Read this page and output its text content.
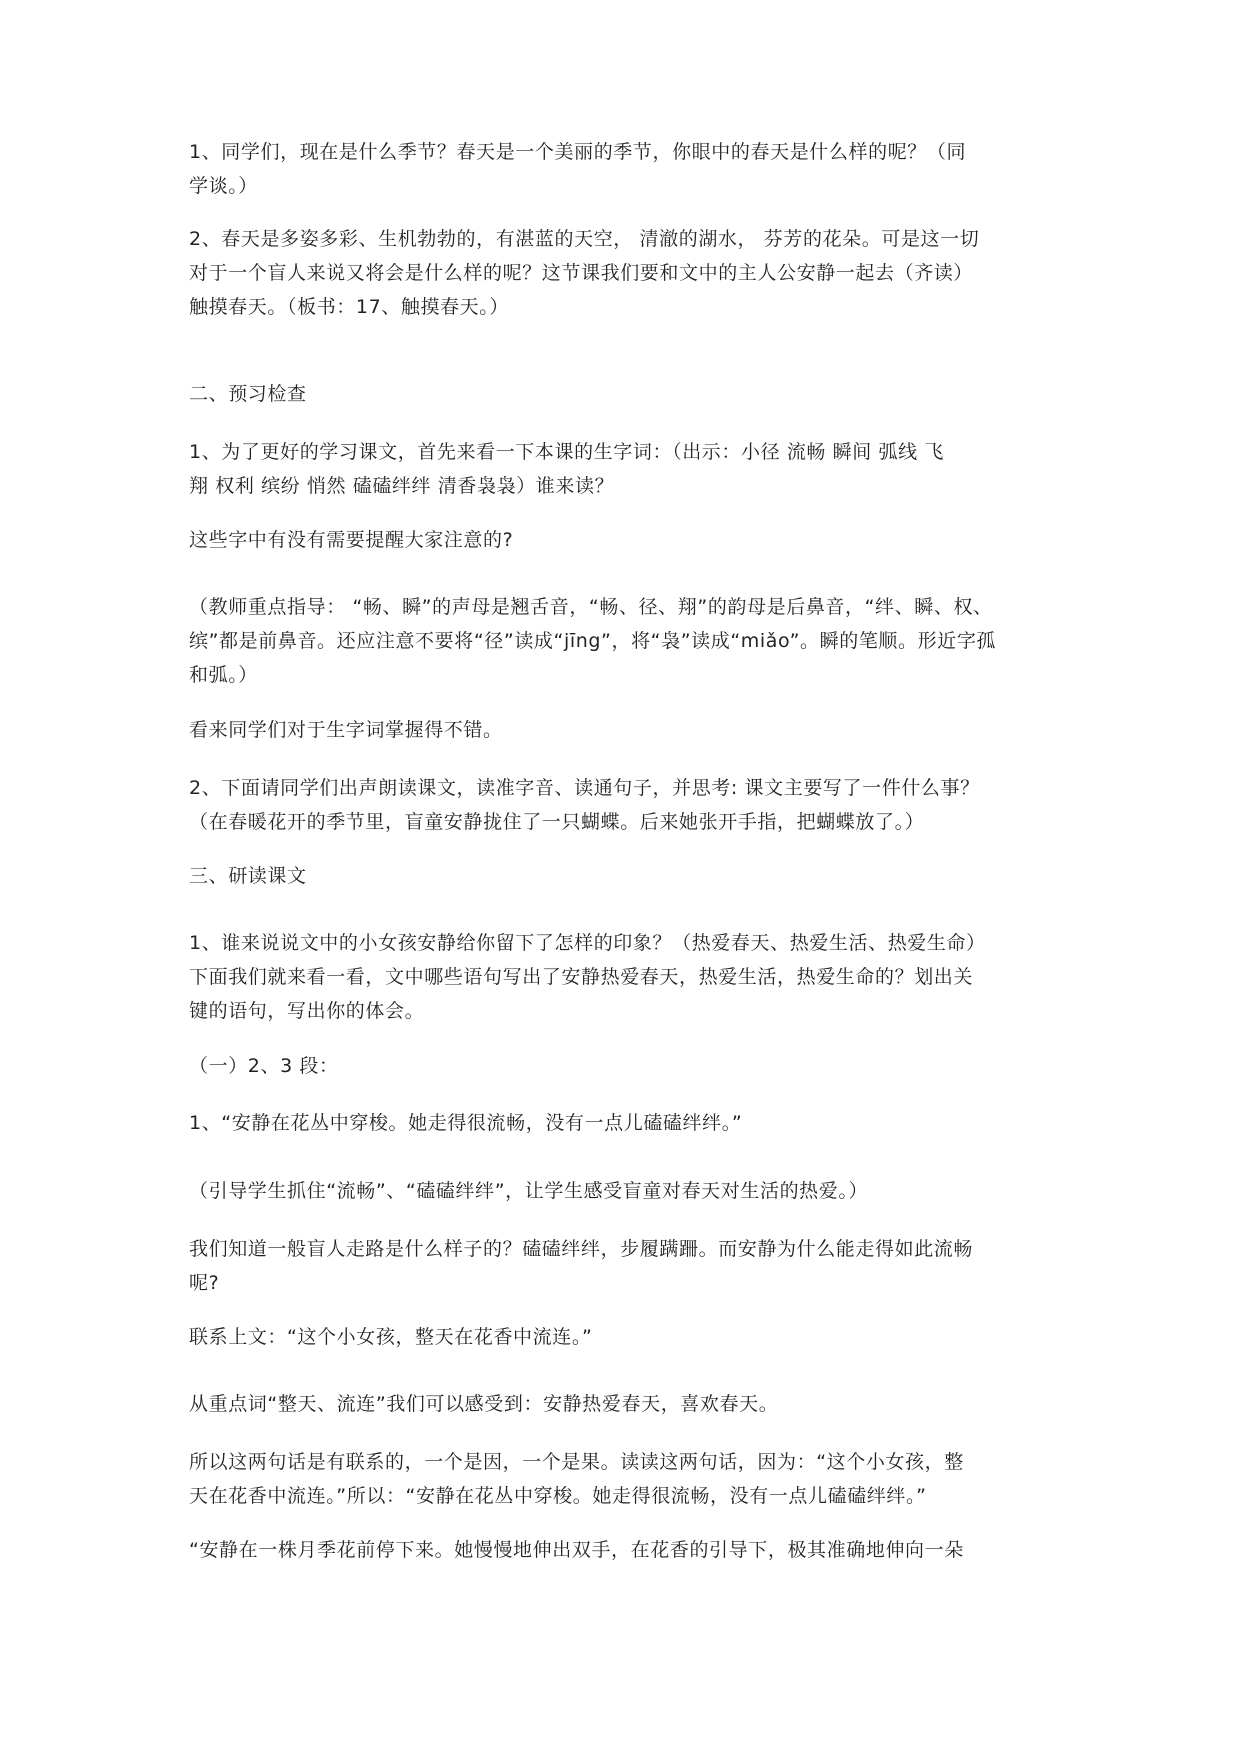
1、同学们，现在是什么季节？春天是一个美丽的季节，你眼中的春天是什么样的呢？（同
学谈。）

2、春天是多姿多彩、生机勃勃的，有湛蓝的天空， 清澈的湖水， 芬芳的花朵。可是这一切
对于一个盲人来说又将会是什么样的呢？这节课我们要和文中的主人公安静一起去（齐读）
触摸春天。（板书：17、触摸春天。）

二、预习检查

1、为了更好的学习课文，首先来看一下本课的生字词：（出示：小径 流畅 瞬间 弧线 飞
翔 权利 缤纷 悄然 磕磕绊绊 清香袅袅）谁来读？

这些字中有没有需要提醒大家注意的?

（教师重点指导： “畅、瞬”的声母是翘舌音，“畅、径、翔”的韵母是后鼻音，“绊、瞬、权、
缤”都是前鼻音。还应注意不要将“径”读成“jīng”，将“袅”读成“miǎo”。瞬的笔顺。形近字孤
和弧。）

看来同学们对于生字词掌握得不错。

2、下面请同学们出声朗读课文，读准字音、读通句子，并思考: 课文主要写了一件什么事？
（在春暖花开的季节里，盲童安静拢住了一只蝴蝶。后来她张开手指，把蝴蝶放了。）

三、研读课文

1、谁来说说文中的小女孩安静给你留下了怎样的印象？（热爱春天、热爱生活、热爱生命）
下面我们就来看一看，文中哪些语句写出了安静热爱春天，热爱生活，热爱生命的？划出关
键的语句，写出你的体会。

（一）2、3 段：

1、“安静在花丛中穿梭。她走得很流畅，没有一点儿磕磕绊绊。”

（引导学生抓住“流畅”、“磕磕绊绊”，让学生感受盲童对春天对生活的热爱。）

我们知道一般盲人走路是什么样子的？磕磕绊绊，步履蹒跚。而安静为什么能走得如此流畅
呢?

联系上文：“这个小女孩，整天在花香中流连。”

从重点词“整天、流连”我们可以感受到：安静热爱春天，喜欢春天。

所以这两句话是有联系的，一个是因，一个是果。读读这两句话，因为：“这个小女孩，整
天在花香中流连。”所以：“安静在花丛中穿梭。她走得很流畅，没有一点儿磕磕绊绊。”

“安静在一株月季花前停下来。她慢慢地伸出双手，在花香的引导下，极其准确地伸向一朵
